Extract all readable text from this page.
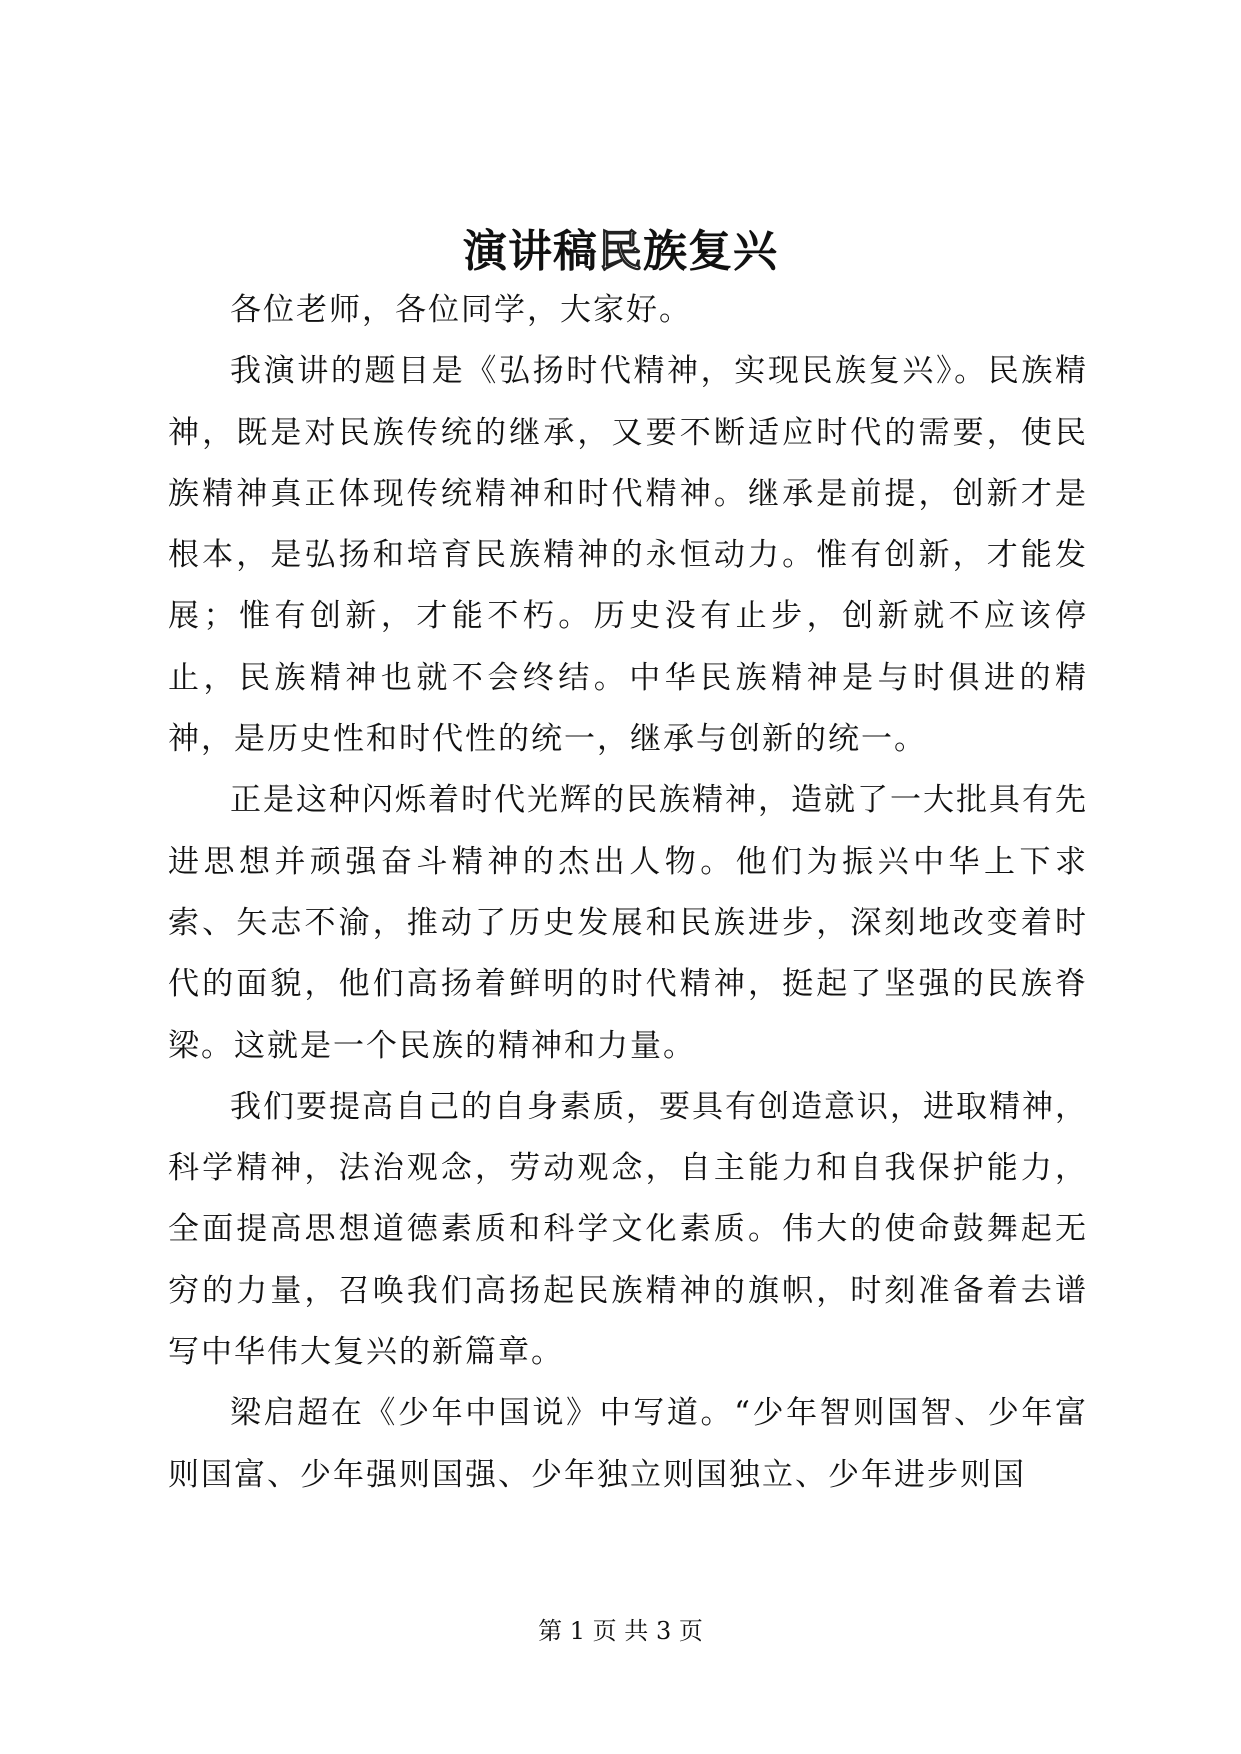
演讲稿民族复兴

各位老师，各位同学，大家好。

我演讲的题目是《弘扬时代精神，实现民族复兴》。民族精神，既是对民族传统的继承，又要不断适应时代的需要，使民族精神真正体现传统精神和时代精神。继承是前提，创新才是根本，是弘扬和培育民族精神的永恒动力。惟有创新，才能发展；惟有创新，才能不朽。历史没有止步，创新就不应该停止，民族精神也就不会终结。中华民族精神是与时俱进的精神，是历史性和时代性的统一，继承与创新的统一。

正是这种闪烁着时代光辉的民族精神，造就了一大批具有先进思想并顽强奋斗精神的杰出人物。他们为振兴中华上下求索、矢志不渝，推动了历史发展和民族进步，深刻地改变着时代的面貌，他们高扬着鲜明的时代精神，挺起了坚强的民族脊梁。这就是一个民族的精神和力量。

我们要提高自己的自身素质，要具有创造意识，进取精神，科学精神，法治观念，劳动观念，自主能力和自我保护能力，全面提高思想道德素质和科学文化素质。伟大的使命鼓舞起无穷的力量，召唤我们高扬起民族精神的旗帜，时刻准备着去谱写中华伟大复兴的新篇章。

梁启超在《少年中国说》中写道。“少年智则国智、少年富则国富、少年强则国强、少年独立则国独立、少年进步则国

第 1 页 共 3 页
